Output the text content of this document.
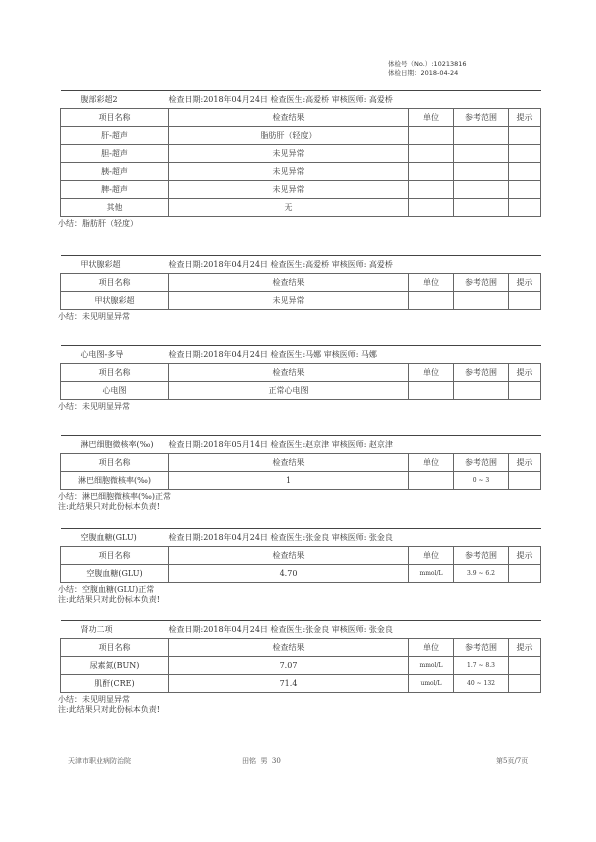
体检号（No.）:10213816
体检日期：2018-04-24
腹部彩超2 检查日期:2018年04月24日 检查医生:高爱桥 审核医师: 高爱桥				
项目名称	检查结果	单位	参考范围	提示
肝-超声	脂肪肝（轻度）			
胆-超声	未见异常			
胰-超声	未见异常			
脾-超声	未见异常			
其他	无			
小结：脂肪肝（轻度）
甲状腺彩超 检查日期:2018年04月24日 检查医生:高爱桥 审核医师: 高爱桥				
项目名称	检查结果	单位	参考范围	提示
甲状腺彩超	未见异常			
小结：未见明显异常
心电图-多导 检查日期:2018年04月24日 检查医生:马娜 审核医师: 马娜				
项目名称	检查结果	单位	参考范围	提示
心电图	正常心电图			
小结：未见明显异常
淋巴细胞微核率(‰) 检查日期:2018年05月14日 检查医生:赵京津 审核医师: 赵京津				
项目名称	检查结果	单位	参考范围	提示
淋巴细胞微核率(‰)	1		0 ~ 3	
小结：淋巴细胞微核率(‰)正常
注:此结果只对此份标本负责!
空腹血糖(GLU) 检查日期:2018年04月24日 检查医生:张金良 审核医师: 张金良				
项目名称	检查结果	单位	参考范围	提示
空腹血糖(GLU)	4.70	mmol/L	3.9 ~ 6.2	
小结：空腹血糖(GLU)正常
注:此结果只对此份标本负责!
肾功二项 检查日期:2018年04月24日 检查医生:张金良 审核医师: 张金良				
项目名称	检查结果	单位	参考范围	提示
尿素氮(BUN)	7.07	mmol/L	1.7 ~ 8.3	
肌酐(CRE)	71.4	umol/L	40 ~ 132	
小结：未见明显异常
注:此结果只对此份标本负责!
天津市职业病防治院	田铭  男  30	第5页/7页
